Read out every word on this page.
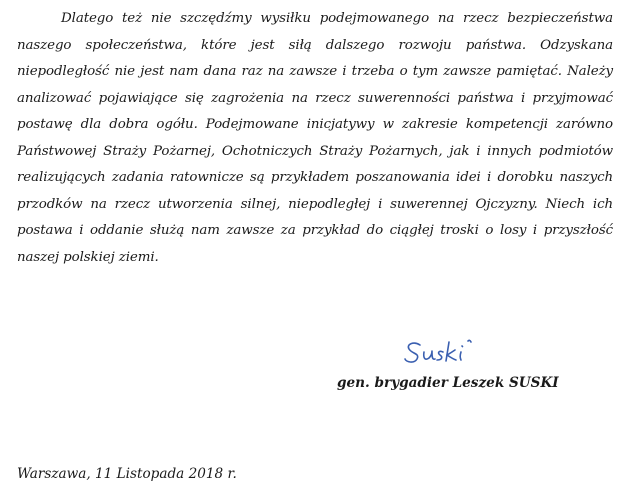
Dlatego też nie szczędźmy wysiłku podejmowanego na rzecz bezpieczeństwa naszego społeczeństwa, które jest siłą dalszego rozwoju państwa. Odzyskana niepodległość nie jest nam dana raz na zawsze i trzeba o tym zawsze pamiętać. Należy analizować pojawiające się zagrożenia na rzecz suwerenności państwa i przyjmować postawę dla dobra ogółu. Podejmowane inicjatywy w zakresie kompetencji zarówno Państwowej Straży Pożarnej, Ochotniczych Straży Pożarnych, jak i innych podmiotów realizujących zadania ratownicze są przykładem poszanowania idei i dorobku naszych przodków na rzecz utworzenia silnej, niepodległej i suwerennej Ojczyzny. Niech ich postawa i oddanie służą nam zawsze za przykład do ciągłej troski o losy i przyszłość naszej polskiej ziemi.

gen. brygadier Leszek SUSKI

Warszawa, 11 Listopada 2018 r.
